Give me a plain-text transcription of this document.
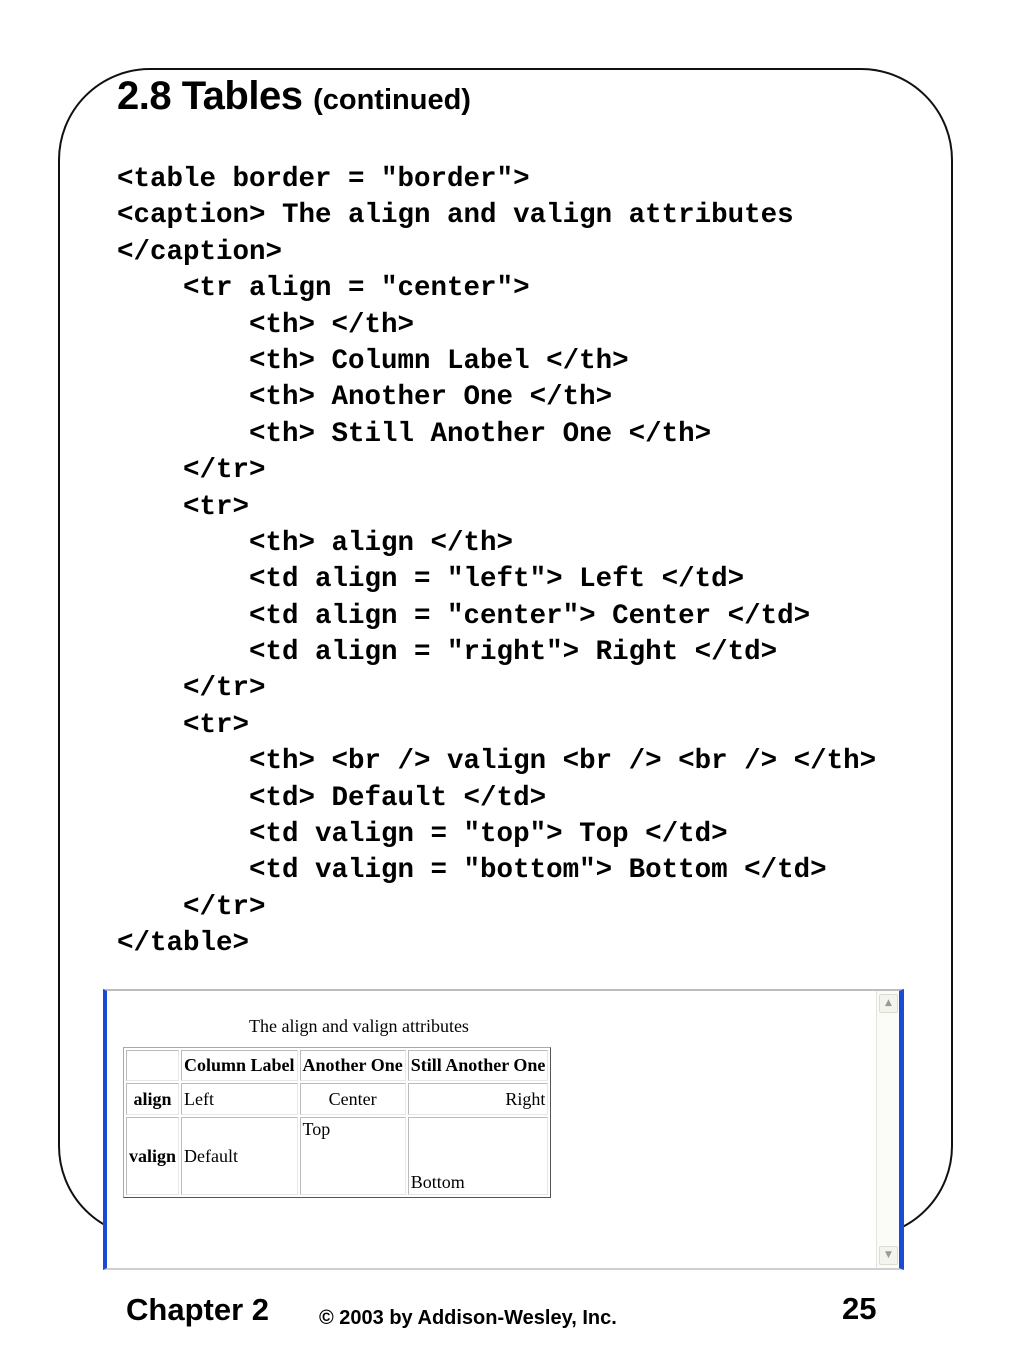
2.8 Tables (continued)
<table border = "border">
<caption> The align and valign attributes
</caption>
<tr align = "center">
<th> </th>
<th> Column Label </th>
<th> Another One </th>
<th> Still Another One </th>
</tr>
<tr>
<th> align </th>
<td align = "left"> Left </td>
<td align = "center"> Center </td>
<td align = "right"> Right </td>
</tr>
<tr>
<th> <br /> valign <br /> <br /> </th>
<td> Default </td>
<td valign = "top"> Top </td>
<td valign = "bottom"> Bottom </td>
</tr>
</table>
The align and valign attributes
	Column Label	Another One	Still Another One
align	Left	Center	Right
valign	Default	Top	Bottom
▲
▼
Chapter 2	© 2003 by Addison-Wesley, Inc.	25
